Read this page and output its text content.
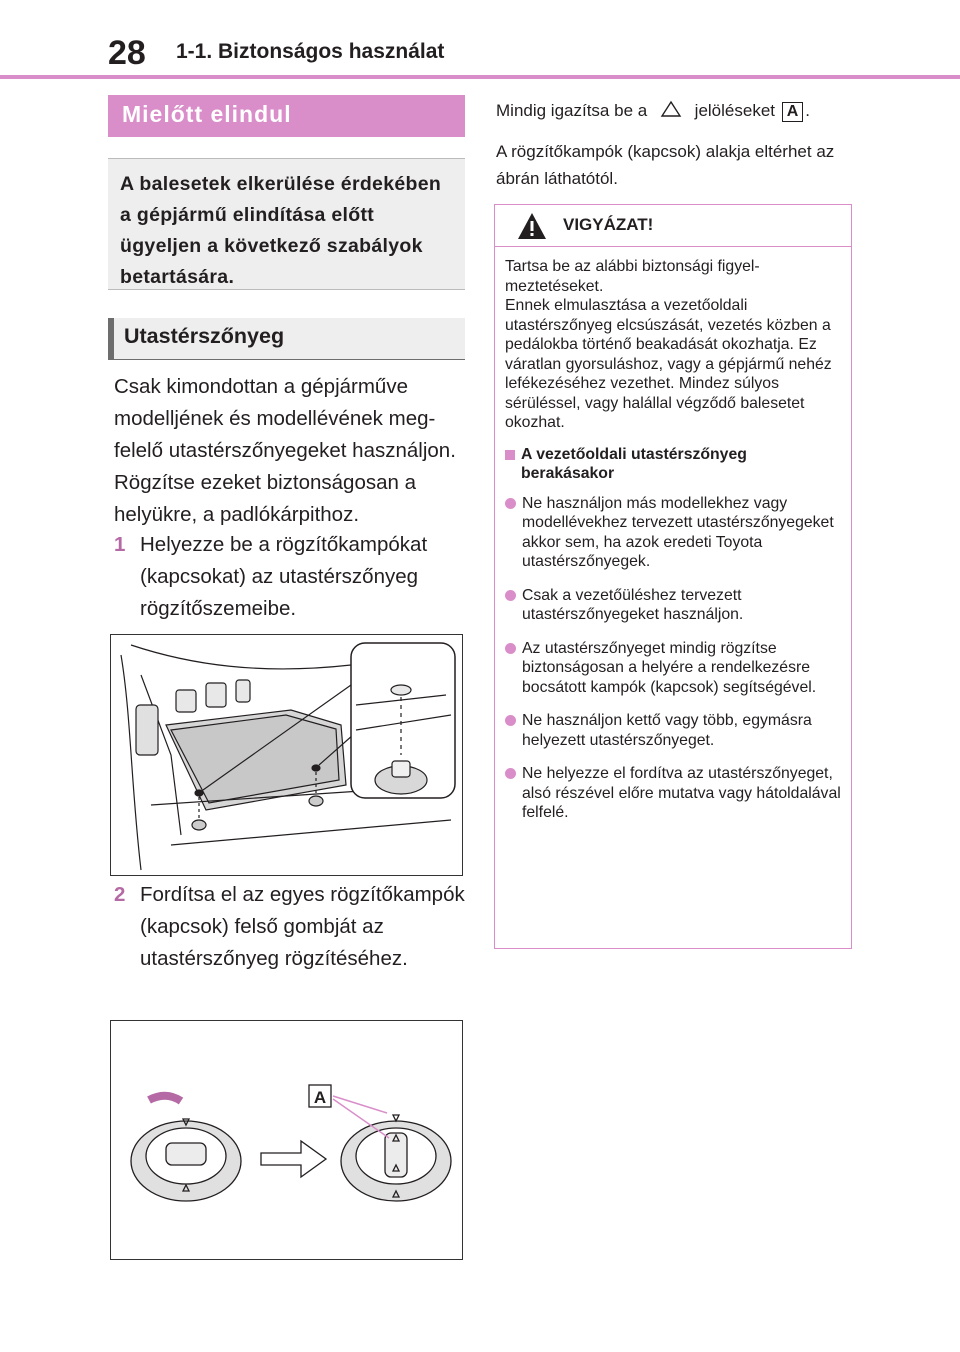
28 1-1. Biztonságos használat
Mielőtt elindul

A balesetek elkerülése érdekében a gépjármű elindítása előtt ügyeljen a következő szabályok betartására.

Utastérszőnyeg
Csak kimondottan a gépjárműve modelljének és modellévének megfelelő utastérszőnyegeket használjon. Rögzítse ezeket biztonságosan a helyükre, a padlókárpithoz.
1 Helyezze be a rögzítőkampókat (kapcsokat) az utastérszőnyeg rögzítőszemeibe.
2 Fordítsa el az egyes rögzítőkampók (kapcsok) felső gombját az utastérszőnyeg rögzítéséhez.
A
Mindig igazítsa be a	jelöléseket A .
A rögzítőkampók (kapcsok) alakja eltérhet az ábrán láthatótól.
VIGYÁZAT!

Tartsa be az alábbi biztonsági figyelmeztetéseket.
Ennek elmulasztása a vezetőoldali utastérszőnyeg elcsúszását, vezetés közben a pedálokba történő beakadását okozhatja. Ez váratlan gyorsuláshoz, vagy a gépjármű nehéz lefékezéséhez vezethet. Mindez súlyos sérüléssel, vagy halállal végződő balesetet okozhat.

A vezetőoldali utastérszőnyeg berakásakor
Ne használjon más modellekhez vagy modellévekhez tervezett utastérszőnyegeket akkor sem, ha azok eredeti Toyota utastérszőnyegek.
Csak a vezetőüléshez tervezett utastérszőnyegeket használjon.
Az utastérszőnyeget mindig rögzítse biztonságosan a helyére a rendelkezésre bocsátott kampók (kapcsok) segítségével.
Ne használjon kettő vagy több, egymásra helyezett utastérszőnyeget.
Ne helyezze el fordítva az utastérszőnyeget, alsó részével előre mutatva vagy hátoldalával felfelé.
